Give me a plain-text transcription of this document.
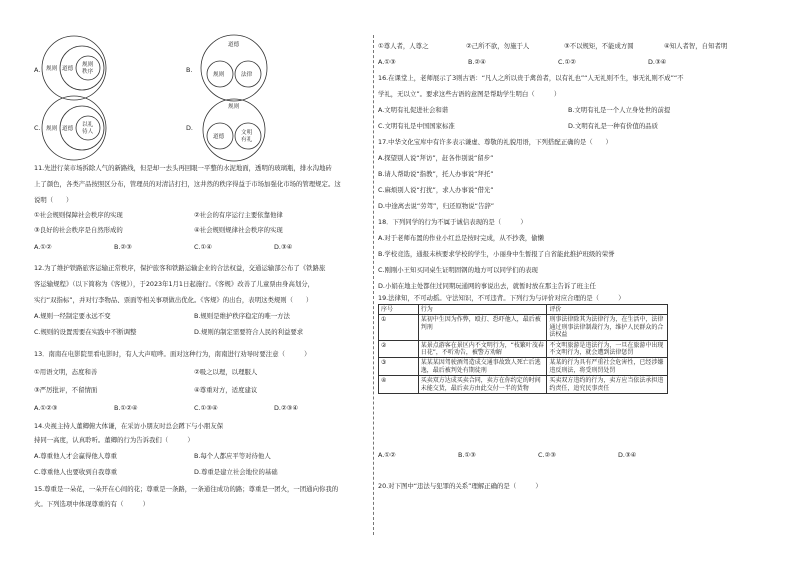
A. 规则 道德
规则
秩序	B.
道德
规则	法律
C. 规则 道德
以礼
待人	D.
规则
道德
文明
有礼
11.先进行菜市场拆除人气的新路线，但是却一去头再回眼一平整的水泥地面，透明的玻璃瓶，排水沟地砖
上了颜色，各类产品按照区分布，管理员的对清洁打扫，这井然的秩序得益于市场加强化市场的管理规定。这
说明（　　）
①社会规则保障社会秩序的实现	②社会的有序运行主要依靠他律
③良好的社会秩序是自然形成的	④社会规则规律社会秩序的实现
A.①②	B.②③	C.①④	D.③④
12.为了维护铁路旅客运输正常秩序，保护旅客和铁路运输企业的合法权益，交通运输部公布了《铁路旅
客运输规程》（以下简称为《客规》），于2023年1月1日起施行。《客规》改善了儿童票由身高划分，
实行“双指标”，并对行李物品、票面等相关事项做出优化。《客规》的出台，表明这类规则（　　）
A.规则一经制定要永远不变	B.规则是维护秩序稳定的唯一方法
C.规则的设置需要在实践中不断调整	D.规则的制定需要符合人民的利益要求
13．南南在电影院里看电影时，有人大声喧哗。面对这种行为，南南进行劝导时要注意（　　　）
①用语文明，态度和善	②吸之以理，以理服人
③严厉批评，不留情面	④尊重对方，适度建议
A.①②③	B.①②④	C.①③④	D.②③④
14.央视主持人董卿俯大体谦，在采访小朋友时总会蹲下与小朋友保
持同一高度，认真聆听。董卿的行为告诉我们（　　　）
A.尊重他人才会赢得他人尊重	B.每个人都应平等对待他人
C.尊重他人也要收到自我尊重	D.尊重是建立社会地位的基础
15.尊重是一朵花，一朵开在心间的花；尊重是一条路，一条通往成功的路；尊重是一团火，一团通向你我的
火。下列选项中体现尊重的有（　　　）
①尊人者，人尊之	②己所不欲，勿施于人	③不以规矩，不能成方圆	④知人者智，自知者明
A.①③	B.②④	C.①②	D.③④
16.在课堂上，老师展示了3则古语：“凡人之所以贵于禽兽者，以有礼也”“人无礼则不生，事无礼则不成”“不
学礼，无以立”。要求这些古语的意图是帮助学生明白（　　　）
A.文明有礼促进社会和谐	B.文明有礼是一个人立身处世的前提
C.文明有礼是中国国家标准	D.文明有礼是一种有价值的品质
17.中华文化宝库中有许多表示谦虚、尊敬的礼貌用语，下列搭配正确的是（　　）
A.探望别人说“拜访”，赶各作别说“留步”
B.请人帮助说“指教”，托人办事说“拜托”
C.麻烦别人说“打扰”，求人办事说“借光”
D.中途离去说“劳驾”，归还原物说“告辞”
18．下列同学的行为不属于诚信表现的是（　　　）
A.对于老师布置的作业小红总是按时完成，从不抄袭，偷懒
B.学校竞选，通报未核要求学校的学生，小丽身中生暂报了自省能此推护班级的荣誉
C.刚刚小王知买同桌生证明固钢的地方可以同学们的表现
D.小娟在地主处都住过同期玩通网的事说出去，就暂时放在那主告诉了班主任
19.法律知，不可动摇。守法知识，不可违背。下列行为与评价对应合理的是（　　　）
序号	行为	评价
①	某初中生因为作弊，殴打、恐吓他人，最后被判刑	刑事法律除其为法律行为，在生活中，法律通过刑事法律制裁行为，维护人民群众的合法权益
②	某景点游客在景区内不文明行为，“枝繁叶茂春日花”，不听劝告，被警方劝解	不文明旅游是违法行为，一旦在旅游中出现不文明行为，就会遭到法律惩罚
③	某某某因驾驶酒驾造成交通事故致人死亡后逃逸，最后被判处有期徒刑	某某的行为具有严重社会危害性，已经涉嫌违反刑法，将受刑罚处罚
④	买卖双方达成买卖合同，卖方在你约定的时间未能交货，最后卖方由此交付一半的货物	买卖双方违约的行为，卖方应当依法承担违约责任，追究民事责任
A.①②	B.①③	C.②③	D.③④
20.对下图中“违法与犯罪的关系”理解正确的是（　　　）
